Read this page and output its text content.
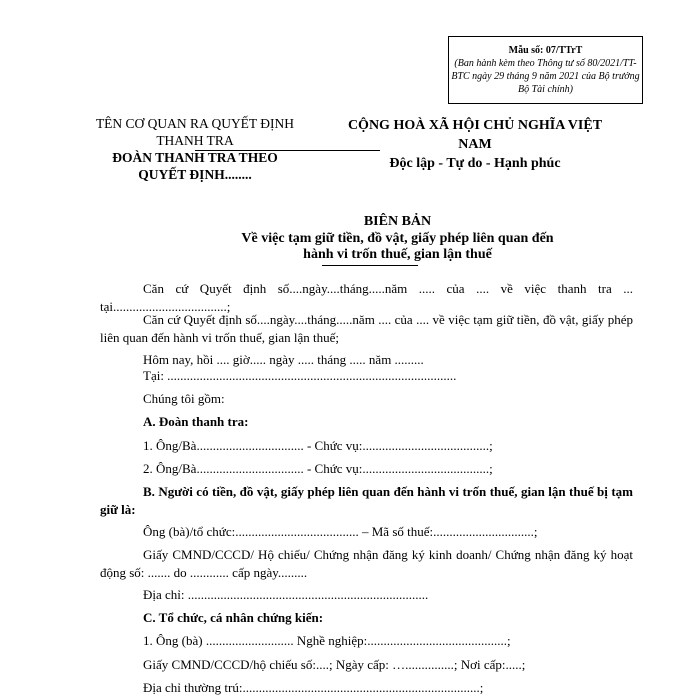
Mẫu số: 07/TTrT
(Ban hành kèm theo Thông tư số 80/2021/TT-BTC ngày 29 tháng 9 năm 2021 của Bộ trưởng Bộ Tài chính)
TÊN CƠ QUAN RA QUYẾT ĐỊNH THANH TRA
ĐOÀN THANH TRA THEO QUYẾT ĐỊNH........
CỘNG HOÀ XÃ HỘI CHỦ NGHĨA VIỆT NAM
Độc lập - Tự do - Hạnh phúc
BIÊN BẢN
Về việc tạm giữ tiền, đồ vật, giấy phép liên quan đến
hành vi trốn thuế, gian lận thuế
Căn cứ Quyết định số....ngày....tháng.....năm ..... của .... về việc thanh tra ... tại...................................;
Căn cứ Quyết định số....ngày....tháng.....năm .... của .... về việc tạm giữ tiền, đồ vật, giấy phép liên quan đến hành vi trốn thuế, gian lận thuế;
Hôm nay, hồi .... giờ..... ngày ..... tháng ..... năm .........
Tại: .........................................................................................
Chúng tôi gồm:
A. Đoàn thanh tra:
1. Ông/Bà................................. - Chức vụ:.......................................;
2. Ông/Bà................................. - Chức vụ:.......................................;
B. Người có tiền, đồ vật, giấy phép liên quan đến hành vi trốn thuế, gian lận thuế bị tạm giữ là:
Ông (bà)/tổ chức:...................................... – Mã số thuế:...............................;
Giấy CMND/CCCD/ Hộ chiếu/ Chứng nhận đăng ký kinh doanh/ Chứng nhận đăng ký hoạt động số: ....... do ............ cấp ngày.........
Địa chỉ: ..........................................................................
C. Tổ chức, cá nhân chứng kiến:
1. Ông (bà) ........................... Nghề nghiệp:...........................................;
Giấy CMND/CCCD/hộ chiếu số:....; Ngày cấp: …...............; Nơi cấp:.....;
Địa chỉ thường trú:.........................................................................;
